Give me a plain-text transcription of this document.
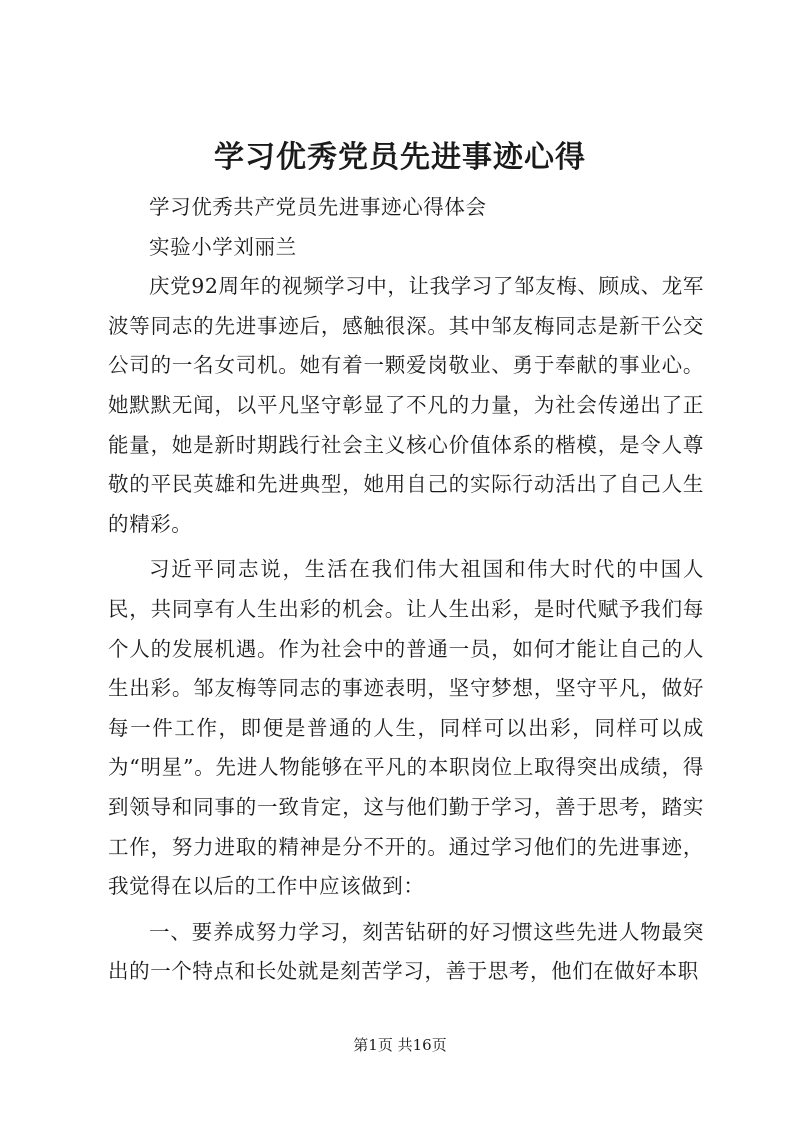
学习优秀党员先进事迹心得

学习优秀共产党员先进事迹心得体会

实验小学刘丽兰

庆党92周年的视频学习中，让我学习了邹友梅、顾成、龙军波等同志的先进事迹后，感触很深。其中邹友梅同志是新干公交公司的一名女司机。她有着一颗爱岗敬业、勇于奉献的事业心。她默默无闻，以平凡坚守彰显了不凡的力量，为社会传递出了正能量，她是新时期践行社会主义核心价值体系的楷模，是令人尊敬的平民英雄和先进典型，她用自己的实际行动活出了自己人生的精彩。

习近平同志说，生活在我们伟大祖国和伟大时代的中国人民，共同享有人生出彩的机会。让人生出彩，是时代赋予我们每个人的发展机遇。作为社会中的普通一员，如何才能让自己的人生出彩。邹友梅等同志的事迹表明，坚守梦想，坚守平凡，做好每一件工作，即便是普通的人生，同样可以出彩，同样可以成为“明星”。先进人物能够在平凡的本职岗位上取得突出成绩，得到领导和同事的一致肯定，这与他们勤于学习，善于思考，踏实工作，努力进取的精神是分不开的。通过学习他们的先进事迹，我觉得在以后的工作中应该做到：

一、要养成努力学习，刻苦钻研的好习惯这些先进人物最突出的一个特点和长处就是刻苦学习，善于思考，他们在做好本职

第1页 共16页
